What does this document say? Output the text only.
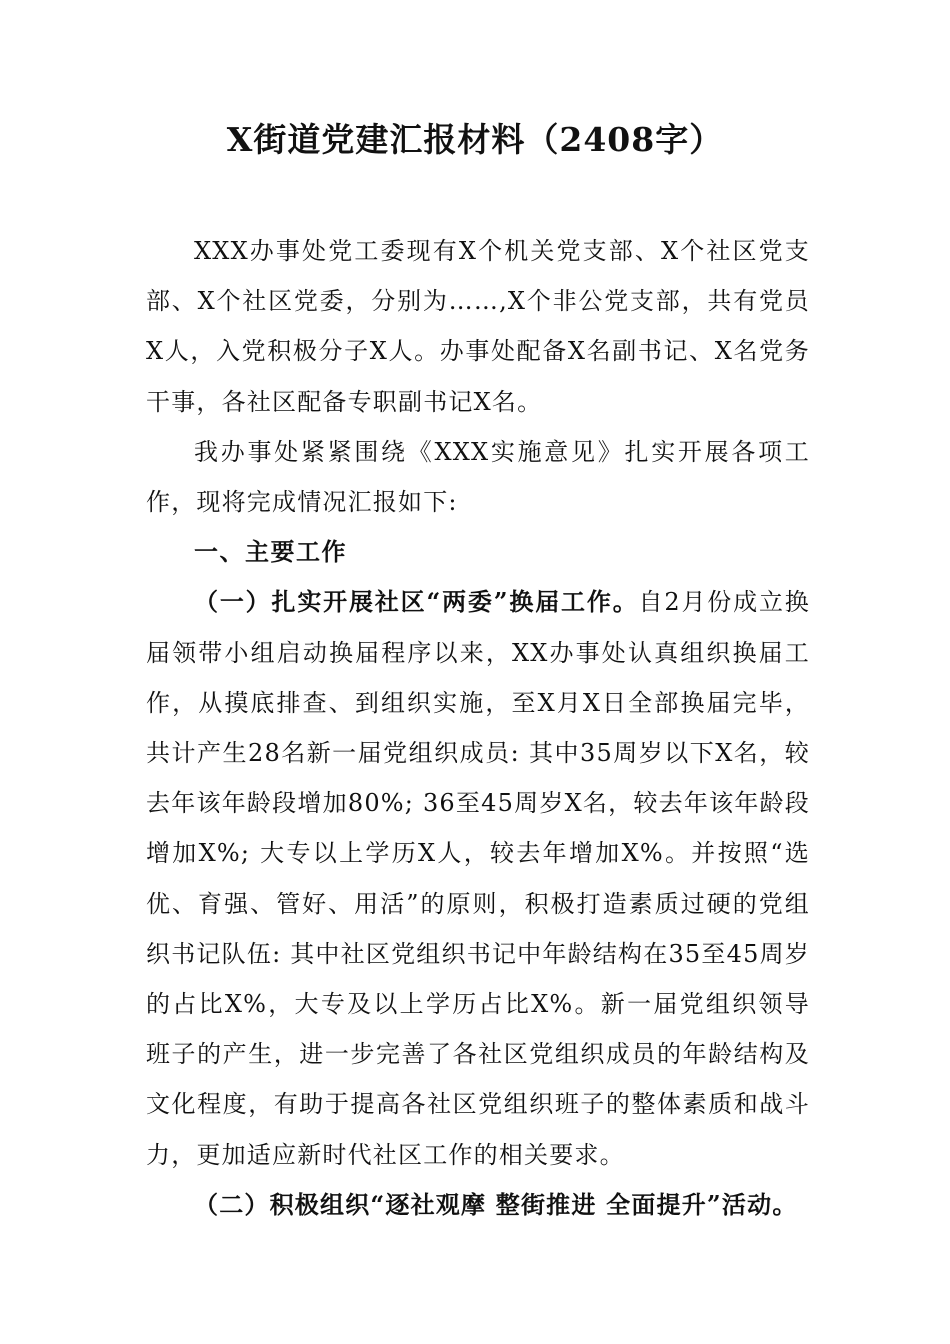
X街道党建汇报材料（2408字）

XXX办事处党工委现有X个机关党支部、X个社区党支部、X个社区党委，分别为……,X个非公党支部，共有党员X人，入党积极分子X人。办事处配备X名副书记、X名党务干事，各社区配备专职副书记X名。

我办事处紧紧围绕《XXX实施意见》扎实开展各项工作，现将完成情况汇报如下:

一、主要工作

（一）扎实开展社区“两委”换届工作。自2月份成立换届领带小组启动换届程序以来，XX办事处认真组织换届工作，从摸底排查、到组织实施，至X月X日全部换届完毕，共计产生28名新一届党组织成员: 其中35周岁以下X名，较去年该年龄段增加80%; 36至45周岁X名，较去年该年龄段增加X%; 大专以上学历X人，较去年增加X%。并按照“选优、育强、管好、用活”的原则，积极打造素质过硬的党组织书记队伍: 其中社区党组织书记中年龄结构在35至45周岁的占比X%，大专及以上学历占比X%。新一届党组织领导班子的产生，进一步完善了各社区党组织成员的年龄结构及文化程度，有助于提高各社区党组织班子的整体素质和战斗力，更加适应新时代社区工作的相关要求。

（二）积极组织“逐社观摩 整街推进 全面提升”活动。
